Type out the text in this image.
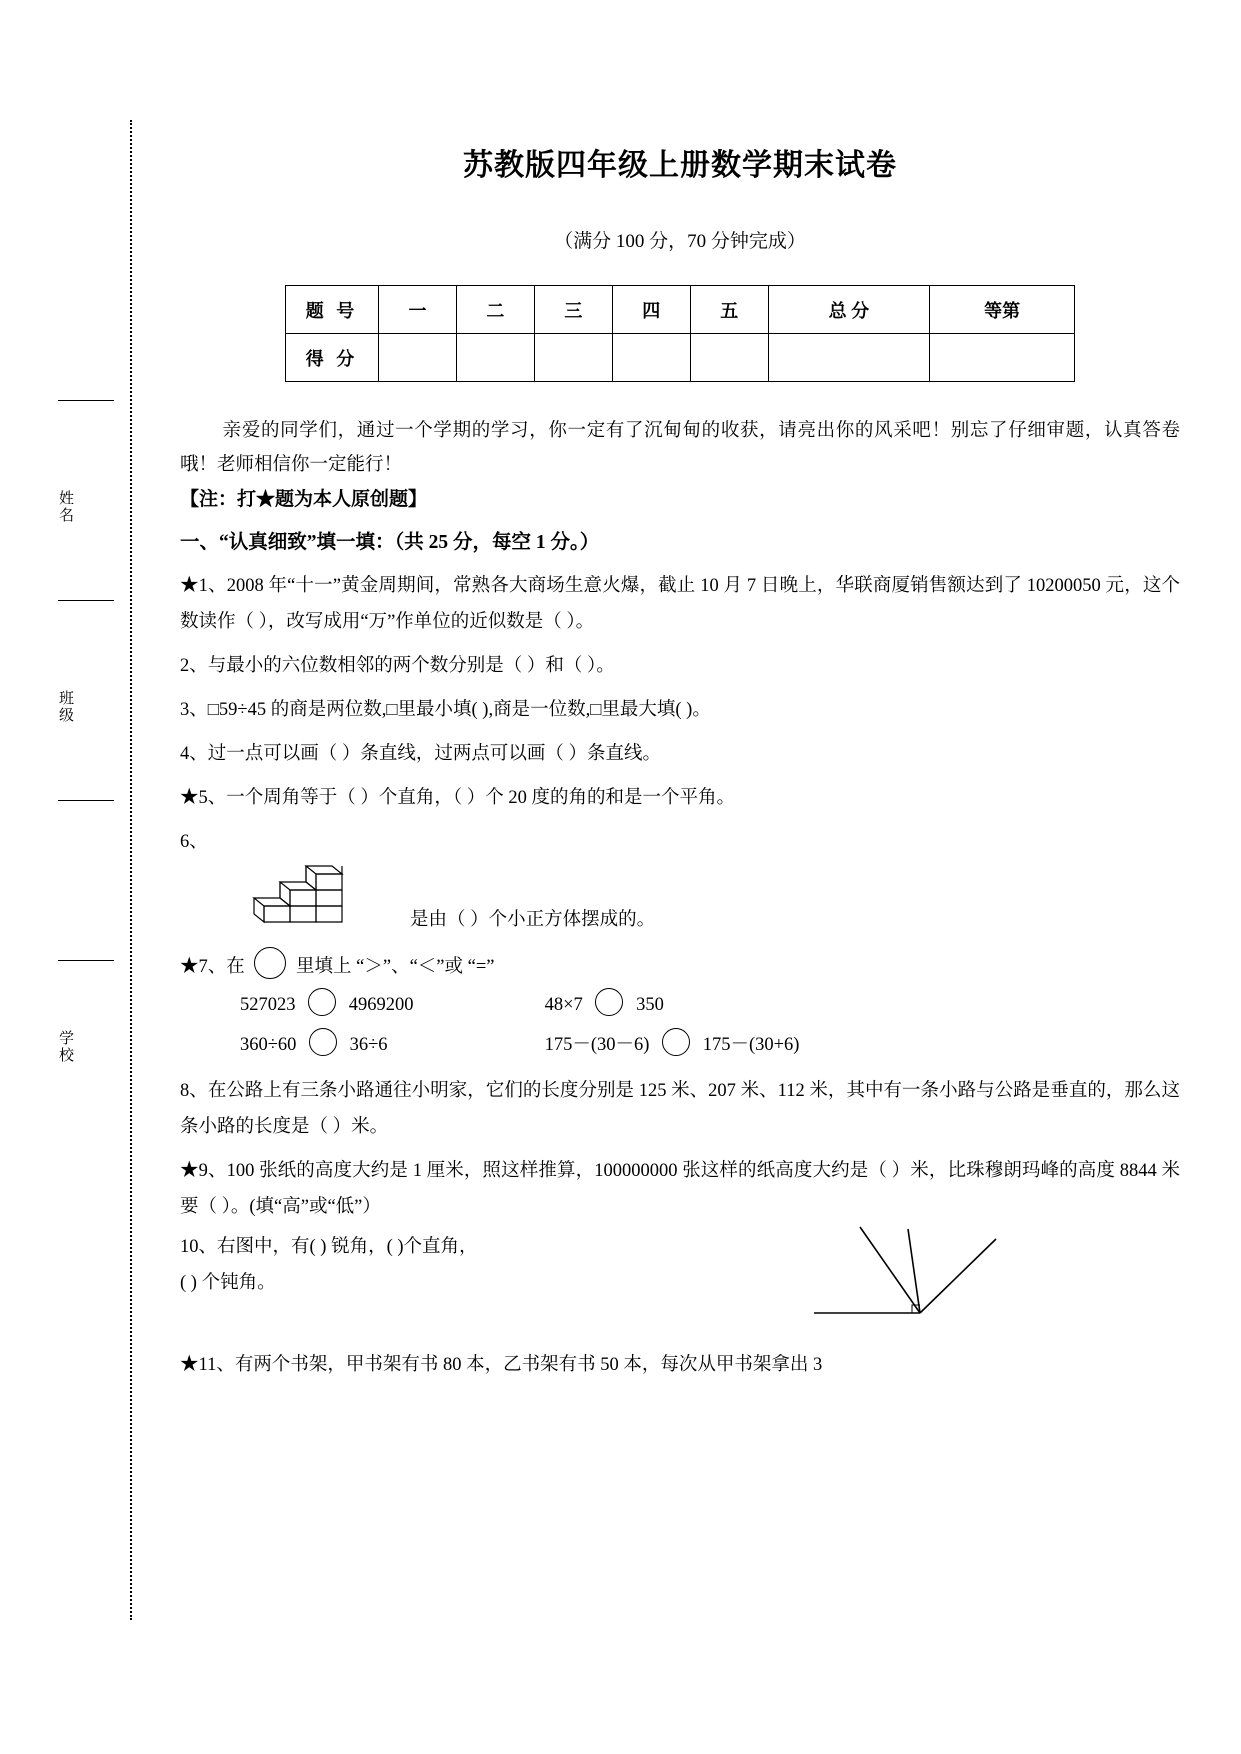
姓名
班级
学校
苏教版四年级上册数学期末试卷
（满分 100 分，70 分钟完成）
题 号	一	二	三	四	五	总 分	等第
得 分							
亲爱的同学们，通过一个学期的学习，你一定有了沉甸甸的收获，请亮出你的风采吧！别忘了仔细审题，认真答卷哦！老师相信你一定能行！
【注：打★题为本人原创题】
一、“认真细致”填一填：（共 25 分，每空 1 分。）
★1、2008 年“十一”黄金周期间，常熟各大商场生意火爆，截止 10 月 7 日晚上，华联商厦销售额达到了 10200050 元，这个数读作（ ），改写成用“万”作单位的近似数是（ ）。
2、与最小的六位数相邻的两个数分别是（ ）和（ ）。
3、□59÷45 的商是两位数,□里最小填( ),商是一位数,□里最大填( )。
4、过一点可以画（ ）条直线，过两点可以画（ ）条直线。
★5、一个周角等于（ ）个直角，（ ）个 20 度的角的和是一个平角。
6、
是由（ ）个小正方体摆成的。
★7、在	里填上 “＞”、“＜”或 “=”
527023	4969200	48×7	350
360÷60	36÷6	175－(30－6)	175－(30+6)
8、在公路上有三条小路通往小明家，它们的长度分别是 125 米、207 米、112 米，其中有一条小路与公路是垂直的，那么这条小路的长度是（ ）米。
★9、100 张纸的高度大约是 1 厘米，照这样推算，100000000 张这样的纸高度大约是（ ）米，比珠穆朗玛峰的高度 8844 米要（ ）。(填“高”或“低”）
10、右图中，有( ) 锐角，( )个直角，
( ) 个钝角。
★11、有两个书架，甲书架有书 80 本，乙书架有书 50 本，每次从甲书架拿出 3
